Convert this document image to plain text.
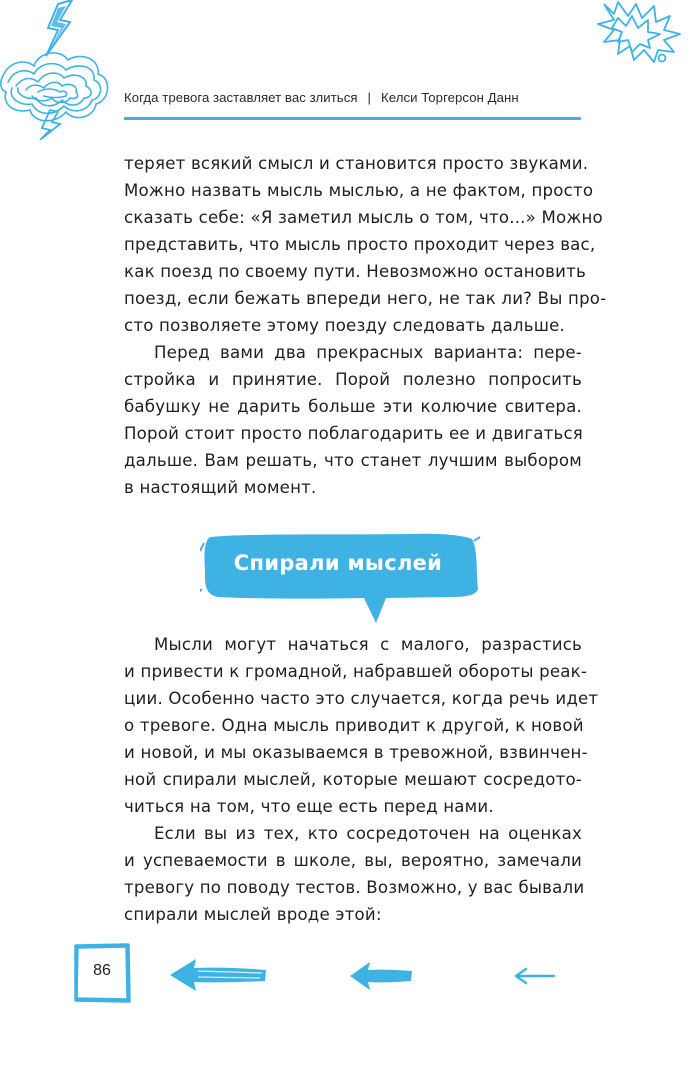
Когда тревога заставляет вас злиться | Келси Торгерсон Данн
теряет всякий смысл и становится просто звуками.
Можно назвать мысль мыслью, а не фактом, просто
сказать себе: «Я заметил мысль о том, что...» Можно
представить, что мысль просто проходит через вас,
как поезд по своему пути. Невозможно остановить
поезд, если бежать впереди него, не так ли? Вы про-
сто позволяете этому поезду следовать дальше.
Перед вами два прекрасных варианта: пере-
стройка и принятие. Порой полезно попросить
бабушку не дарить больше эти колючие свитера.
Порой стоит просто поблагодарить ее и двигаться
дальше. Вам решать, что станет лучшим выбором
в настоящий момент.
Спирали мыслей
Мысли могут начаться с малого, разрастись
и привести к громадной, набравшей обороты реак-
ции. Особенно часто это случается, когда речь идет
о тревоге. Одна мысль приводит к другой, к новой
и новой, и мы оказываемся в тревожной, взвинчен-
ной спирали мыслей, которые мешают сосредото-
читься на том, что еще есть перед нами.
Если вы из тех, кто сосредоточен на оценках
и успеваемости в школе, вы, вероятно, замечали
тревогу по поводу тестов. Возможно, у вас бывали
спирали мыслей вроде этой:
86
